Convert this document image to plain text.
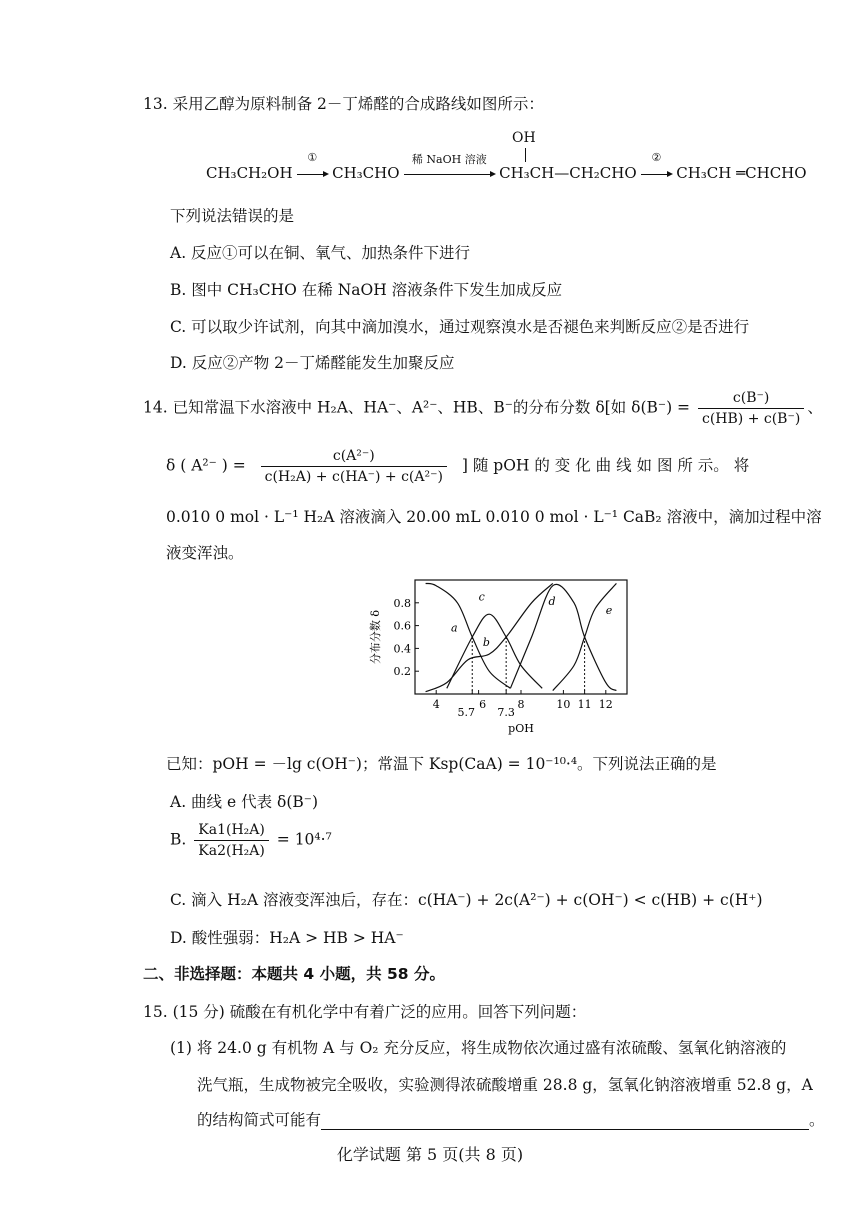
13. 采用乙醇为原料制备 2－丁烯醛的合成路线如图所示：
OH
CH₃CH₂OH
①
CH₃CHO
稀 NaOH 溶液
CH₃CH—CH₂CHO
②
CH₃CH ═CHCHO
下列说法错误的是
A. 反应①可以在铜、氧气、加热条件下进行
B. 图中 CH₃CHO 在稀 NaOH 溶液条件下发生加成反应
C. 可以取少许试剂，向其中滴加溴水，通过观察溴水是否褪色来判断反应②是否进行
D. 反应②产物 2－丁烯醛能发生加聚反应
14. 已知常温下水溶液中 H₂A、HA⁻、A²⁻、HB、B⁻的分布分数 δ[如 $\delta(B^-) = \frac{c(B^-)}{c(HB) + c(B^-)}$ 、
δ ( A²⁻ ) = $\frac{\text{c(A²⁻)}}{\text{c(H₂A) + c(HA⁻) + c(A²⁻)}}$ ] 随 pOH 的 变 化 曲 线 如 图 所 示。 将
0.010 0 mol · L⁻¹ H₂A 溶液滴入 20.00 mL 0.010 0 mol · L⁻¹ CaB₂ 溶液中，滴加过程中溶
液变浑浊。
0.2
0.4
0.6
0.8
4
5.7
6
7.3
8	10 11 12
pOH
分布分数 δ	a
b
c	d
e
已知：pOH = －lg c(OH⁻)；常温下 Ksp(CaA) = 10⁻¹⁰·⁴。下列说法正确的是
A. 曲线 e 代表 δ(B⁻)
B. $\frac{\text{Ka1(H₂A)}}{\text{Ka2(H₂A)}} = 10^4\cdot^7$
C. 滴入 H₂A 溶液变浑浊后，存在：c(HA⁻) + 2c(A²⁻) + c(OH⁻) < c(HB) + c(H⁺)
D. 酸性强弱：H₂A > HB > HA⁻
二、非选择题：本题共 4 小题，共 58 分。
15. (15 分) 硫酸在有机化学中有着广泛的应用。回答下列问题：
(1) 将 24.0 g 有机物 A 与 O₂ 充分反应，将生成物依次通过盛有浓硫酸、氢氧化钠溶液的
洗气瓶，生成物被完全吸收，实验测得浓硫酸增重 28.8 g，氢氧化钠溶液增重 52.8 g，A
的结构简式可能有	。
化学试题 第 5 页(共 8 页)
